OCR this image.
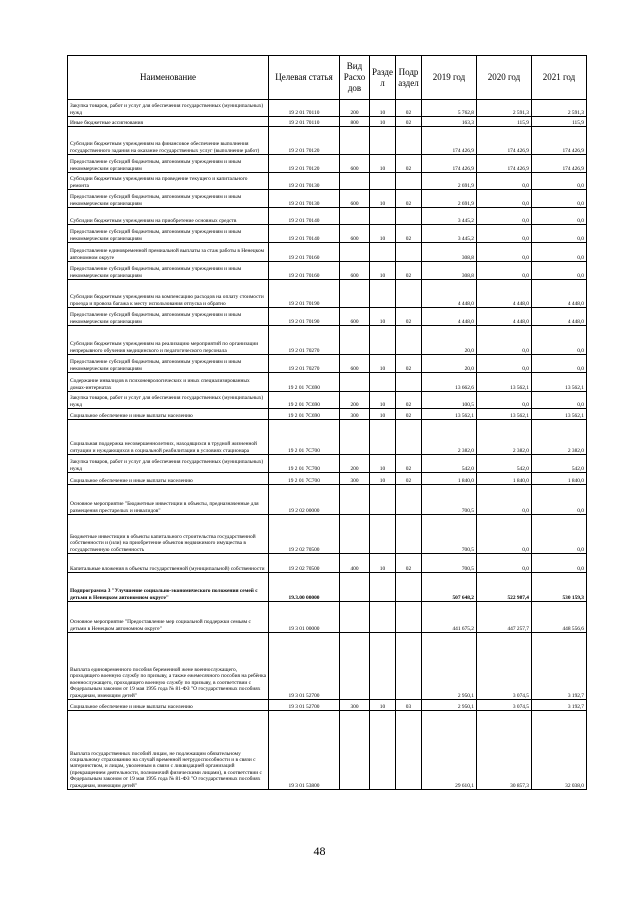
Наименование	Целевая статья	Вид Расхо дов	Разде л	Подр аздел	2019 год	2020 год	2021 год
Закупка товаров, работ и услуг для обеспечения государственных (муниципальных) нужд	19 2 01 70110	200	10	02	5 762,8	2 591,3	2 591,3
Иные бюджетные ассигнования	19 2 01 70110	800	10	02	163,3	115,9	115,9
Субсидии бюджетным учреждениям на финансовое обеспечение выполнения государственного задания на оказание государственных услуг (выполнение работ)	19 2 01 70120				174 426,9	174 426,9	174 426,9
Предоставление субсидий бюджетным, автономным учреждениям и иным некоммерческим организациям	19 2 01 70120	600	10	02	174 426,9	174 426,9	174 426,9
Субсидии бюджетным учреждениям на проведение текущего и капитального ремонта	19 2 01 70130				2 691,9	0,0	0,0
Предоставление субсидий бюджетным, автономным учреждениям и иным некоммерческим организациям	19 2 01 70130	600	10	02	2 691,9	0,0	0,0
Субсидии бюджетным учреждениям на приобретение основных средств	19 2 01 70140				3 445,2	0,0	0,0
Предоставление субсидий бюджетным, автономным учреждениям и иным некоммерческим организациям	19 2 01 70140	600	10	02	3 445,2	0,0	0,0
Предоставление единовременной премиальной выплаты за стаж работы в Ненецком автономном округе	19 2 01 70160				308,8	0,0	0,0
Предоставление субсидий бюджетным, автономным учреждениям и иным некоммерческим организациям	19 2 01 70160	600	10	02	308,8	0,0	0,0
Субсидии бюджетным учреждениям на компенсацию расходов на оплату стоимости проезда и провоза багажа к месту использования отпуска и обратно	19 2 01 70190				4 448,0	4 448,0	4 448,0
Предоставление субсидий бюджетным, автономным учреждениям и иным некоммерческим организациям	19 2 01 70190	600	10	02	4 448,0	4 448,0	4 448,0
Субсидии бюджетным учреждениям на реализацию мероприятий по организации непрерывного обучения медицинского и педагогического персонала	19 2 01 70270				20,0	0,0	0,0
Предоставление субсидий бюджетным, автономным учреждениям и иным некоммерческим организациям	19 2 01 70270	600	10	02	20,0	0,0	0,0
Содержание инвалидов в психоневрологических и иных специализированных домах-интернатах	19 2 01 7С690				13 662,6	13 562,1	13 562,1
Закупка товаров, работ и услуг для обеспечения государственных (муниципальных) нужд	19 2 01 7С690	200	10	02	100,5	0,0	0,0
Социальное обеспечение и иные выплаты населению	19 2 01 7С690	300	10	02	13 562,1	13 562,1	13 562,1
Социальная поддержка несовершеннолетних, находящихся в трудной жизненной ситуации и нуждающихся в социальной реабилитации в условиях стационара	19 2 01 7С700				2 382,0	2 382,0	2 382,0
Закупка товаров, работ и услуг для обеспечения государственных (муниципальных) нужд	19 2 01 7С700	200	10	02	542,0	542,0	542,0
Социальное обеспечение и иные выплаты населению	19 2 01 7С700	300	10	02	1 840,0	1 840,0	1 840,0
Основное мероприятие "Бюджетные инвестиции в объекты, предназначенные для размещения престарелых и инвалидов"	19 2 02 00000				700,5	0,0	0,0
Бюджетные инвестиции в объекты капитального строительства государственной собственности и (или) на приобретение объектов недвижимого имущества в государственную собственность	19 2 02 70500				700,5	0,0	0,0
Капитальные вложения в объекты государственной (муниципальной) собственности	19 2 02 70500	400	10	02	700,5	0,0	0,0
Подпрограмма 3 "Улучшение социально-экономического положения семей с детьми в Ненецком автономном округе"	19.3.00 00000				507 648,2	522 987,4	530 159,3
Основное мероприятие "Предоставление мер социальной поддержки семьям с детьми в Ненецком автономном округе"	19 3 01 00000				441 675,2	447 257,7	448 556,6
Выплата единовременного пособия беременной жене военнослужащего, проходящего военную службу по призыву, а также ежемесячного пособия на ребёнка военнослужащего, проходящего военную службу по призыву, в соответствии с Федеральным законом от 19 мая 1995 года № 81-ФЗ "О государственных пособиях гражданам, имеющим детей"	19 3 01 52700				2 950,1	3 074,5	3 192,7
Социальное обеспечение и иные выплаты населению	19 3 01 52700	300	10	03	2 950,1	3 074,5	3 192,7
Выплата государственных пособий лицам, не подлежащим обязательному социальному страхованию на случай временной нетрудоспособности и в связи с материнством, и лицам, уволенным в связи с ликвидацией организаций (прекращением деятельности, полномочий физическими лицами), в соответствии с Федеральным законом от 19 мая 1995 года № 81-ФЗ "О государственных пособиях гражданам, имеющим детей"	19 3 01 53800				29 610,1	30 857,3	32 038,0
48
